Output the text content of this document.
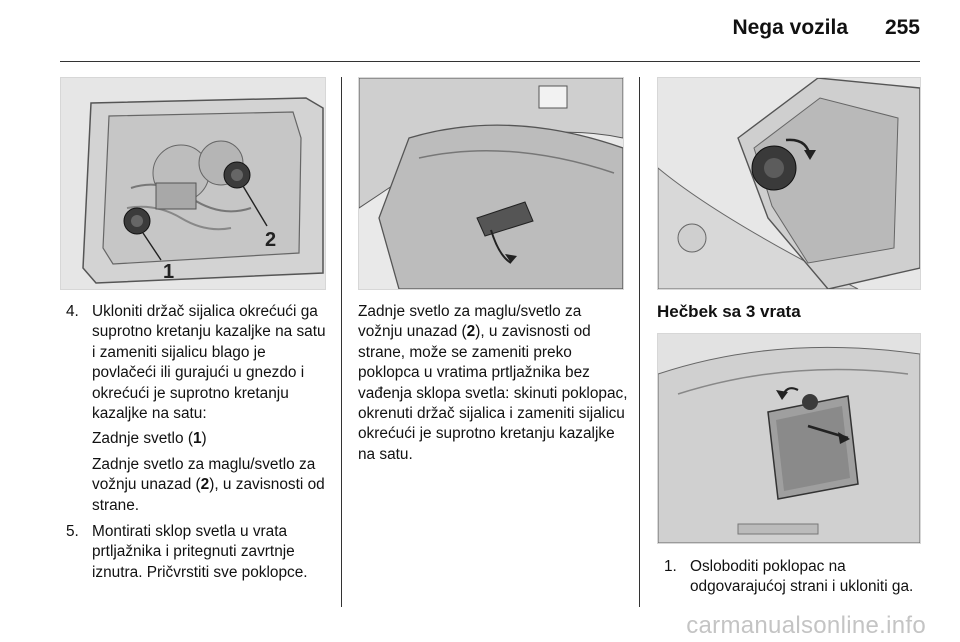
Nega vozila	255
2
1
4. Ukloniti držač sijalica okrećući ga suprotno kretanju kazaljke na satu i zameniti sijalicu blago je povlačeći ili gurajući u gnezdo i okrećući je suprotno kretanju kazaljke na satu:
Zadnje svetlo (1)
Zadnje svetlo za maglu/svetlo za vožnju unazad (2), u zavisnosti od strane.
5. Montirati sklop svetla u vrata prtljažnika i pritegnuti zavrtnje iznutra. Pričvrstiti sve poklopce.
Zadnje svetlo za maglu/svetlo za vožnju unazad (2), u zavisnosti od strane, može se zameniti preko poklopca u vratima prtljažnika bez vađenja sklopa svetla: skinuti poklopac, okrenuti držač sijalica i zameniti sijalicu okrećući je suprotno kretanju kazaljke na satu.
Hečbek sa 3 vrata
1. Osloboditi poklopac na odgovarajućoj strani i ukloniti ga.
carmanualsonline.info
